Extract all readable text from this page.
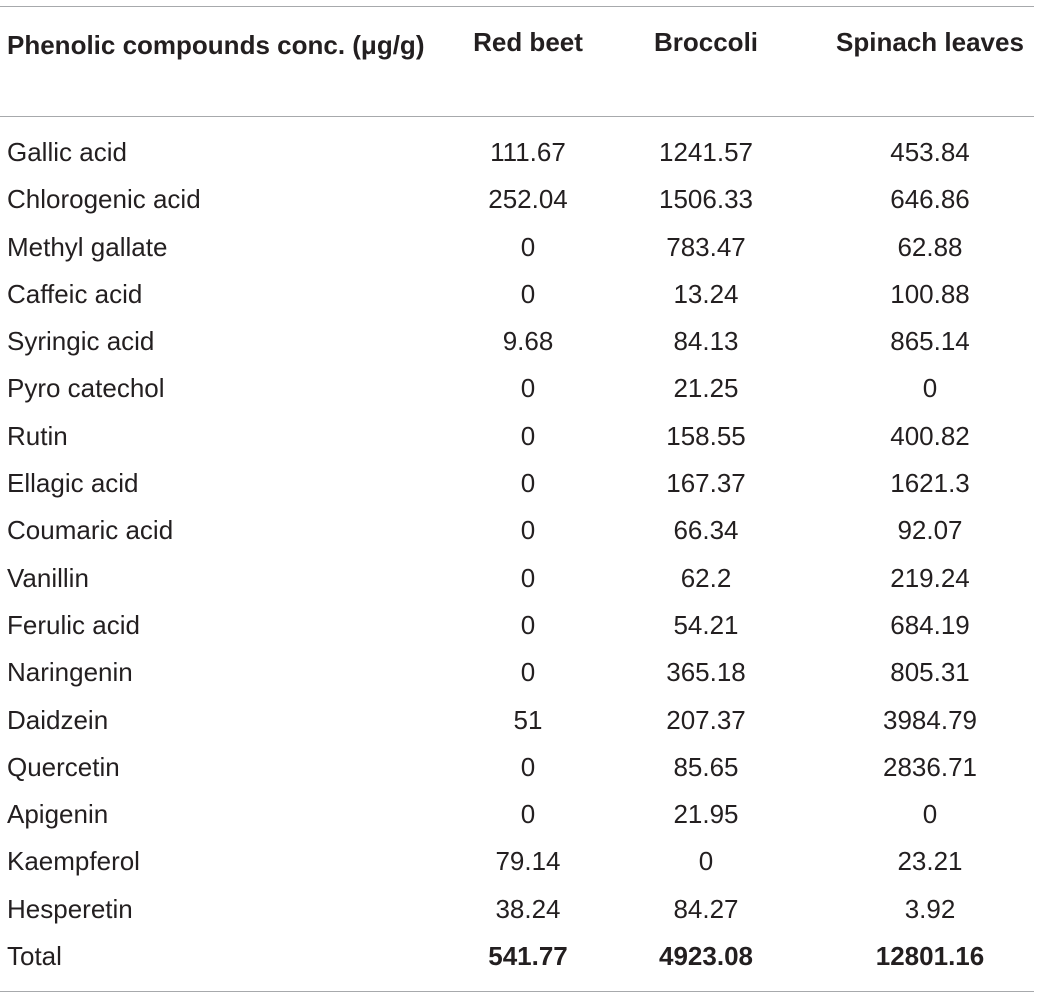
Phenolic compounds conc. (μg/g)	Red beet	Broccoli	Spinach leaves
Gallic acid	111.67	1241.57	453.84
Chlorogenic acid	252.04	1506.33	646.86
Methyl gallate	0	783.47	62.88
Caffeic acid	0	13.24	100.88
Syringic acid	9.68	84.13	865.14
Pyro catechol	0	21.25	0
Rutin	0	158.55	400.82
Ellagic acid	0	167.37	1621.3
Coumaric acid	0	66.34	92.07
Vanillin	0	62.2	219.24
Ferulic acid	0	54.21	684.19
Naringenin	0	365.18	805.31
Daidzein	51	207.37	3984.79
Quercetin	0	85.65	2836.71
Apigenin	0	21.95	0
Kaempferol	79.14	0	23.21
Hesperetin	38.24	84.27	3.92
Total	541.77	4923.08	12801.16
